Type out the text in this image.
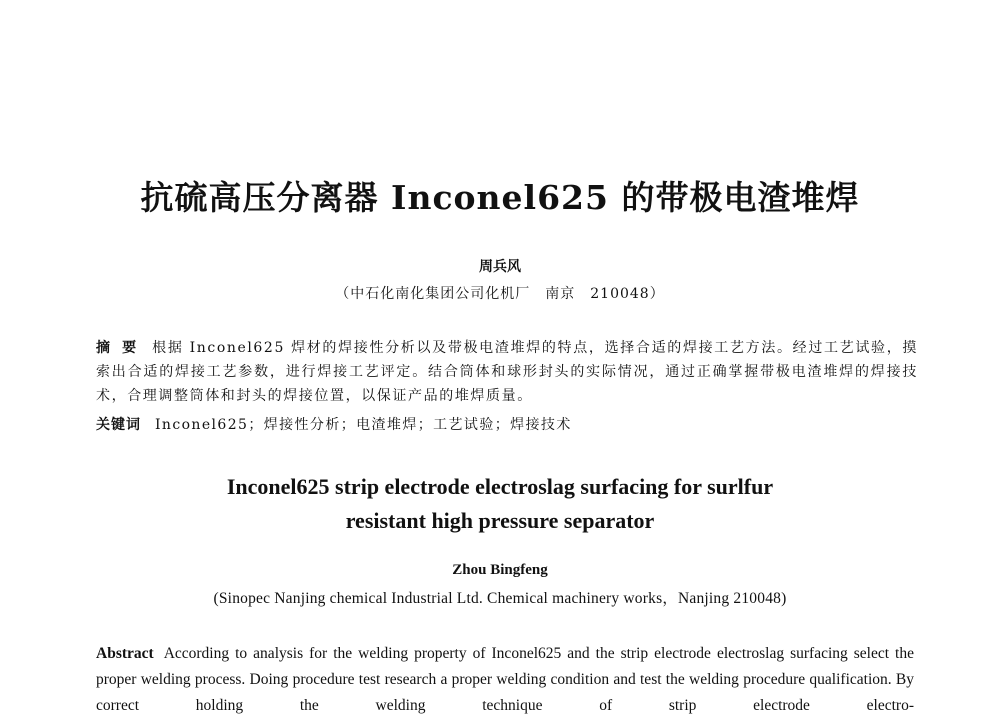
抗硫高压分离器 Inconel625 的带极电渣堆焊
周兵风
（中石化南化集团公司化机厂　南京　210048）
摘要 根据 Inconel625 焊材的焊接性分析以及带极电渣堆焊的特点，选择合适的焊接工艺方法。经过工艺试验，摸索出合适的焊接工艺参数，进行焊接工艺评定。结合筒体和球形封头的实际情况，通过正确掌握带极电渣堆焊的焊接技术，合理调整筒体和封头的焊接位置，以保证产品的堆焊质量。
关键词 Inconel625；焊接性分析；电渣堆焊；工艺试验；焊接技术
Inconel625 strip electrode electroslag surfacing for surlfur
resistant high pressure separator
Zhou Bingfeng
(Sinopec Nanjing chemical Industrial Ltd. Chemical machinery works，Nanjing 210048)
Abstract According to analysis for the welding property of Inconel625 and the strip electrode electroslag surfacing select the proper welding process. Doing procedure test research a proper welding condition and test the welding procedure qualification. By correct holding the welding technique of strip electrode electro-
